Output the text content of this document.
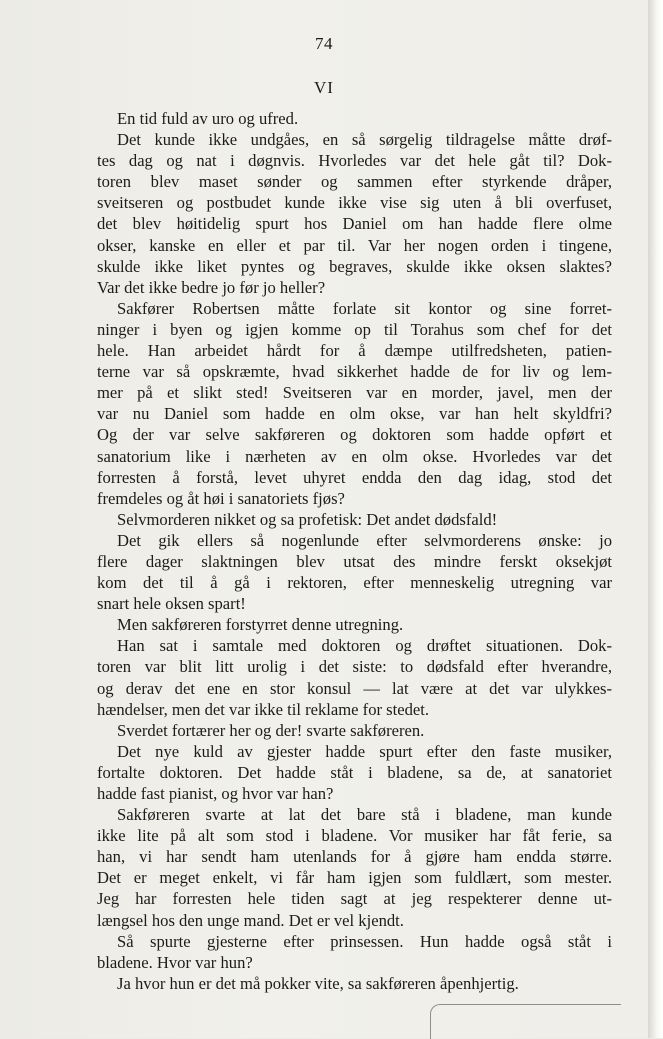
74
VI
En tid fuld av uro og ufred.
Det kunde ikke undgåes, en så sørgelig tildragelse måtte drøf-
tes dag og nat i døgnvis. Hvorledes var det hele gåt til? Dok-
toren blev maset sønder og sammen efter styrkende dråper,
sveitseren og postbudet kunde ikke vise sig uten å bli overfuset,
det blev høitidelig spurt hos Daniel om han hadde flere olme
okser, kanske en eller et par til. Var her nogen orden i tingene,
skulde ikke liket pyntes og begraves, skulde ikke oksen slaktes?
Var det ikke bedre jo før jo heller?
Sakfører Robertsen måtte forlate sit kontor og sine forret-
ninger i byen og igjen komme op til Torahus som chef for det
hele. Han arbeidet hårdt for å dæmpe utilfredsheten, patien-
terne var så opskræmte, hvad sikkerhet hadde de for liv og lem-
mer på et slikt sted! Sveitseren var en morder, javel, men der
var nu Daniel som hadde en olm okse, var han helt skyldfri?
Og der var selve sakføreren og doktoren som hadde opført et
sanatorium like i nærheten av en olm okse. Hvorledes var det
forresten å forstå, levet uhyret endda den dag idag, stod det
fremdeles og åt høi i sanatoriets fjøs?
Selvmorderen nikket og sa profetisk: Det andet dødsfald!
Det gik ellers så nogenlunde efter selvmorderens ønske: jo
flere dager slaktningen blev utsat des mindre ferskt oksekjøt
kom det til å gå i rektoren, efter menneskelig utregning var
snart hele oksen spart!
Men sakføreren forstyrret denne utregning.
Han sat i samtale med doktoren og drøftet situationen. Dok-
toren var blit litt urolig i det siste: to dødsfald efter hverandre,
og derav det ene en stor konsul — lat være at det var ulykkes-
hændelser, men det var ikke til reklame for stedet.
Sverdet fortærer her og der! svarte sakføreren.
Det nye kuld av gjester hadde spurt efter den faste musiker,
fortalte doktoren. Det hadde ståt i bladene, sa de, at sanatoriet
hadde fast pianist, og hvor var han?
Sakføreren svarte at lat det bare stå i bladene, man kunde
ikke lite på alt som stod i bladene. Vor musiker har fåt ferie, sa
han, vi har sendt ham utenlands for å gjøre ham endda større.
Det er meget enkelt, vi får ham igjen som fuldlært, som mester.
Jeg har forresten hele tiden sagt at jeg respekterer denne ut-
længsel hos den unge mand. Det er vel kjendt.
Så spurte gjesterne efter prinsessen. Hun hadde også ståt i
bladene. Hvor var hun?
Ja hvor hun er det må pokker vite, sa sakføreren åpenhjertig.
